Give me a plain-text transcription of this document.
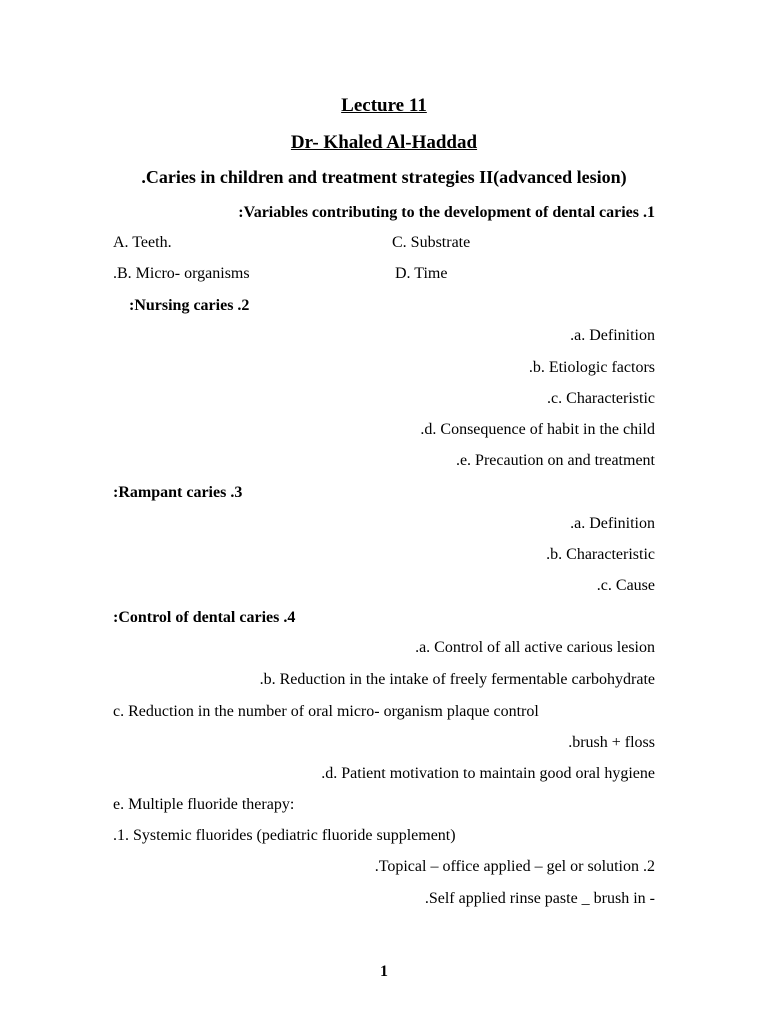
Lecture 11
Dr- Khaled Al-Haddad
.Caries in children and treatment strategies II(advanced lesion)
:Variables contributing to the development of dental caries .1
A. Teeth.	C. Substrate
.B. Micro- organisms	D. Time
:Nursing caries .2
.a. Definition
.b. Etiologic factors
.c. Characteristic
.d. Consequence of habit in the child
.e. Precaution on and treatment
:Rampant caries .3
.a. Definition
.b. Characteristic
.c. Cause
:Control of dental caries .4
.a. Control of all active carious lesion
.b. Reduction in the intake of freely fermentable carbohydrate
c. Reduction in the number of oral micro- organism plaque control
.brush + floss
.d. Patient motivation to maintain good oral hygiene
e. Multiple fluoride therapy:
.1. Systemic fluorides (pediatric fluoride supplement)
.Topical – office applied – gel or solution .2
.Self applied rinse paste _ brush in -
1
